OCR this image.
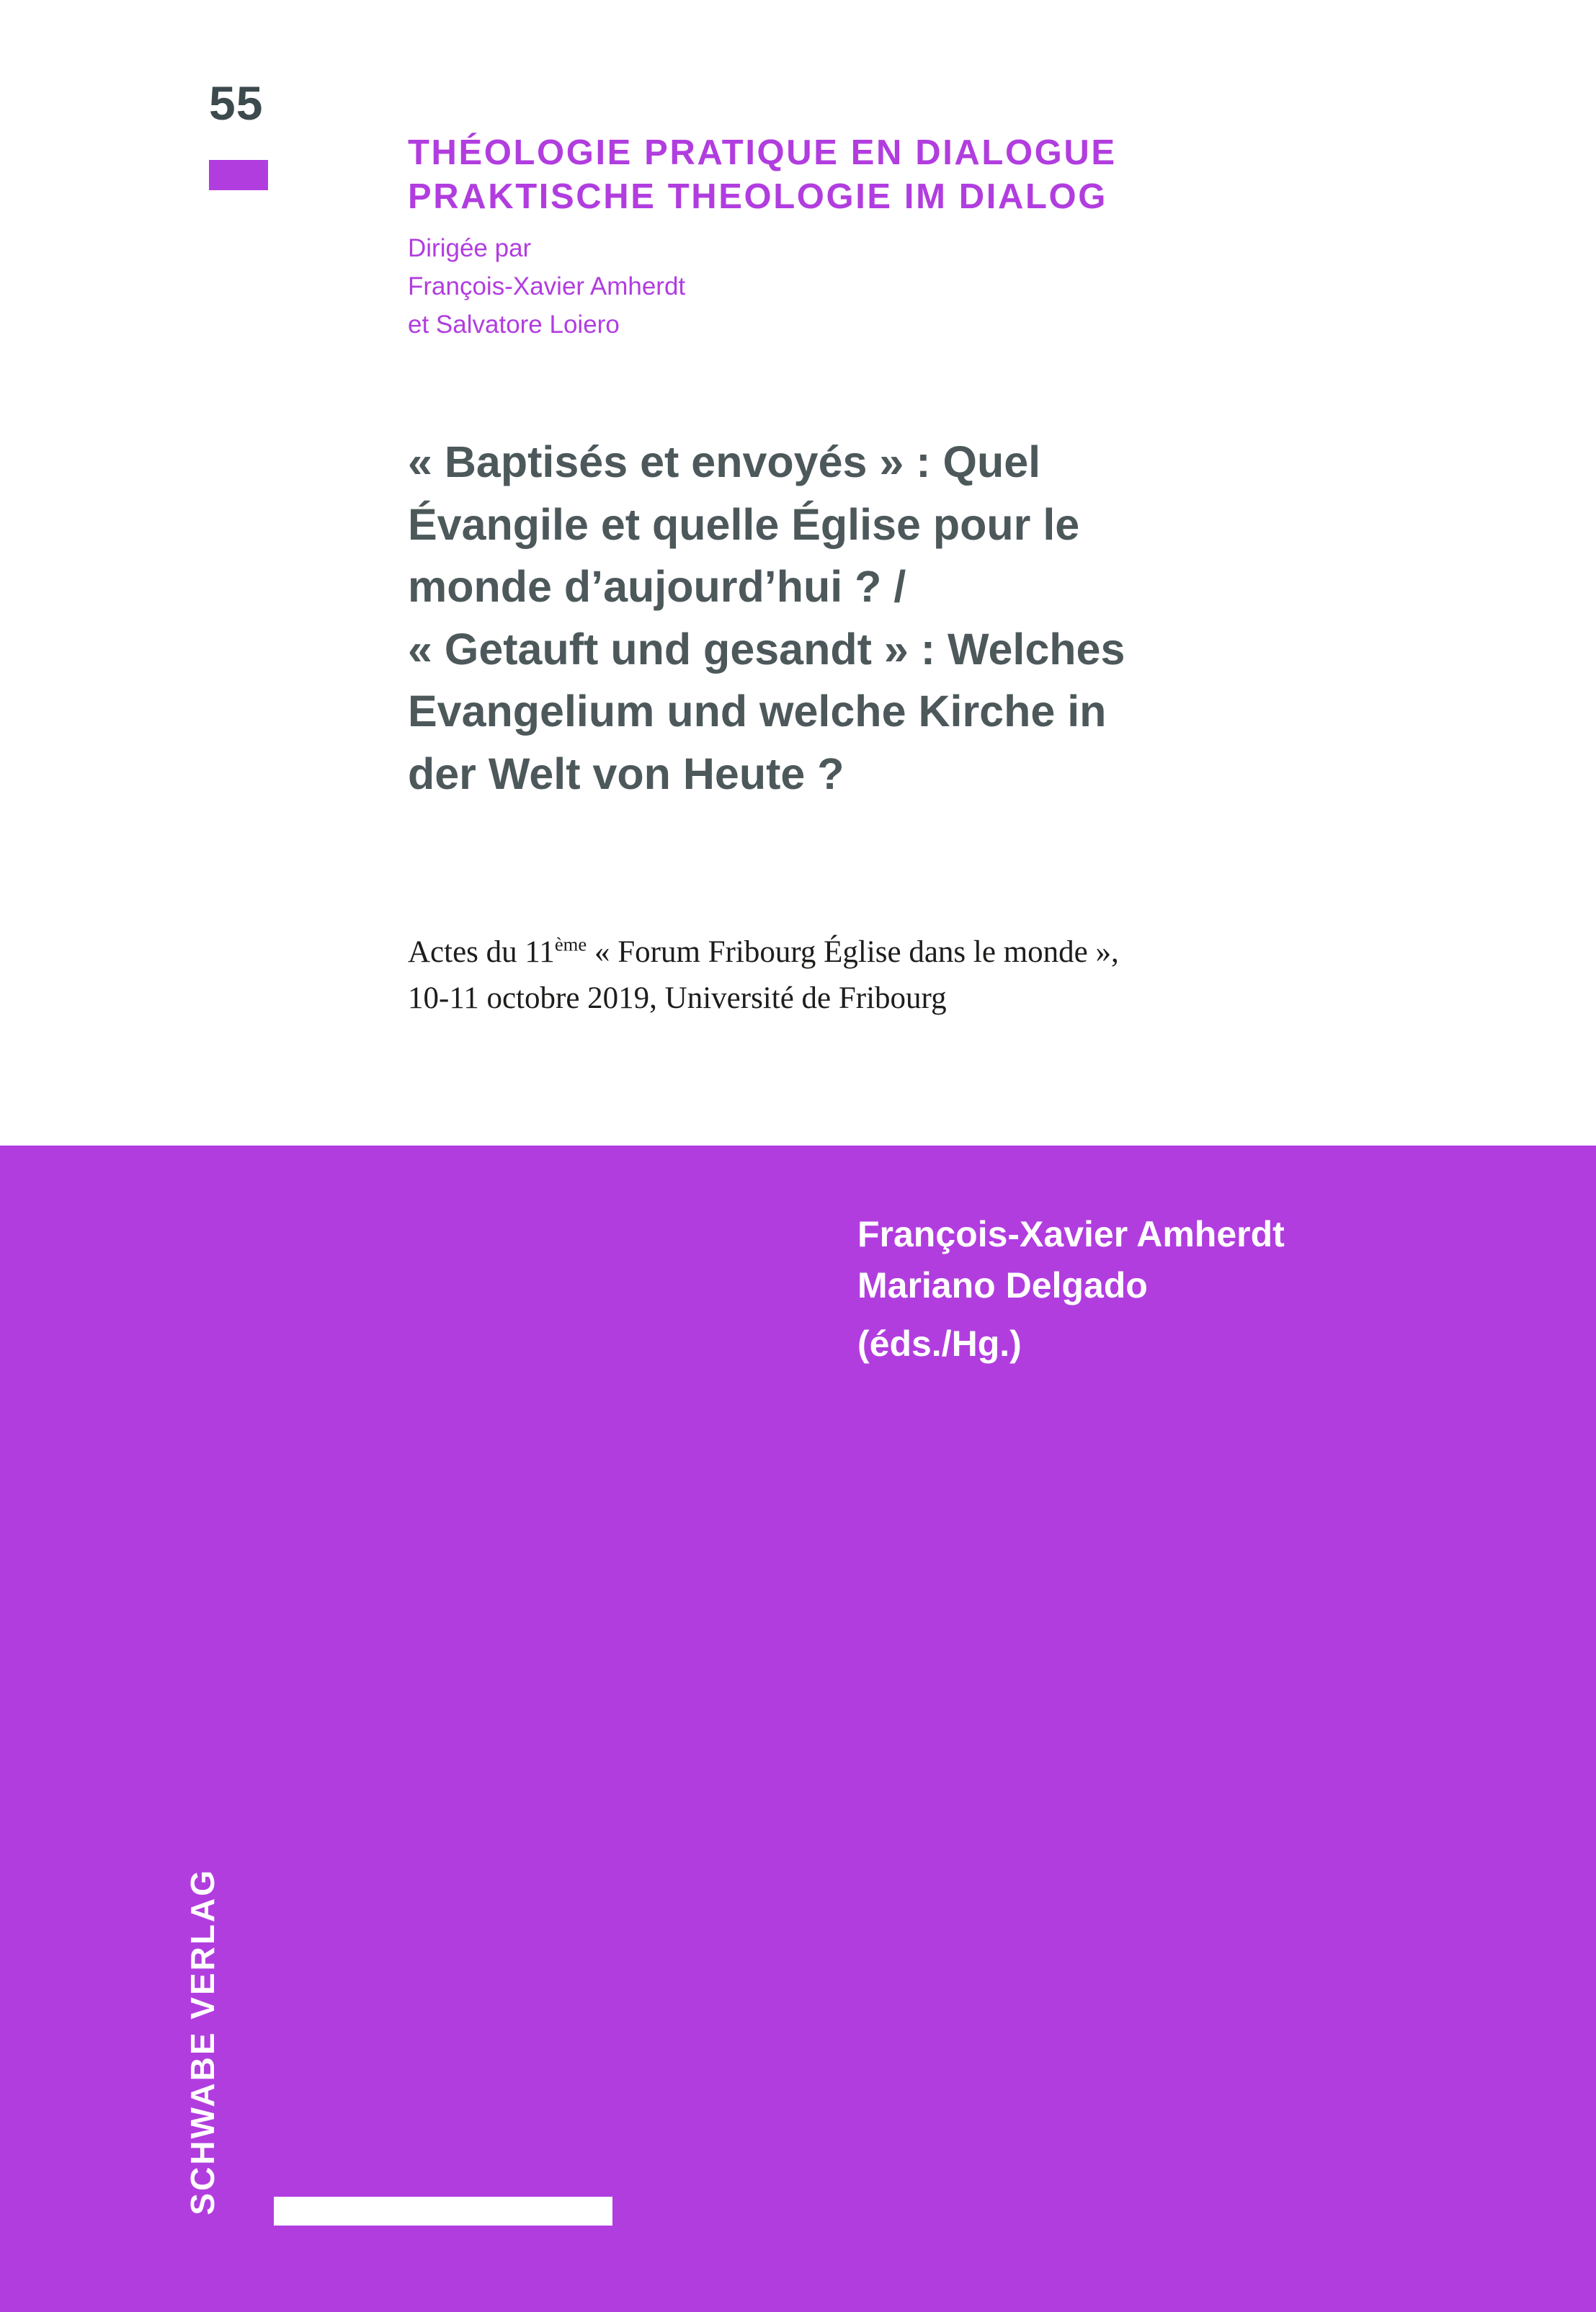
55

THÉOLOGIE PRATIQUE EN DIALOGUE

PRAKTISCHE THEOLOGIE IM DIALOG

Dirigée par
François-Xavier Amherdt
et Salvatore Loiero
« Baptisés et envoyés » : Quel
Évangile et quelle Église pour le
monde d’aujourd’hui ? /
« Getauft und gesandt » : Welches
Evangelium und welche Kirche in
der Welt von Heute ?
Actes du 11ème « Forum Fribourg Église dans le monde »,
10-11 octobre 2019, Université de Fribourg
François-Xavier Amherdt
Mariano Delgado
(éds./Hg.)
SCHWABE VERLAG
